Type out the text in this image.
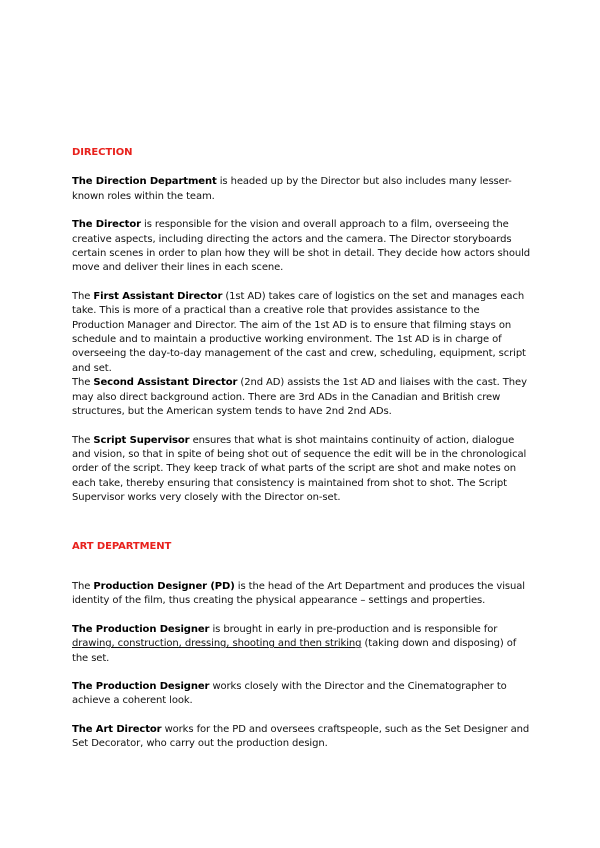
DIRECTION

The Direction Department is headed up by the Director but also includes many lesser-known roles within the team.

The Director is responsible for the vision and overall approach to a film, overseeing the creative aspects, including directing the actors and the camera. The Director storyboards certain scenes in order to plan how they will be shot in detail. They decide how actors should move and deliver their lines in each scene.

The First Assistant Director (1st AD) takes care of logistics on the set and manages each take. This is more of a practical than a creative role that provides assistance to the Production Manager and Director. The aim of the 1st AD is to ensure that filming stays on schedule and to maintain a productive working environment. The 1st AD is in charge of overseeing the day-to-day management of the cast and crew, scheduling, equipment, script and set.

The Second Assistant Director (2nd AD) assists the 1st AD and liaises with the cast. They may also direct background action. There are 3rd ADs in the Canadian and British crew structures, but the American system tends to have 2nd 2nd ADs.

The Script Supervisor ensures that what is shot maintains continuity of action, dialogue and vision, so that in spite of being shot out of sequence the edit will be in the chronological order of the script. They keep track of what parts of the script are shot and make notes on each take, thereby ensuring that consistency is maintained from shot to shot. The Script Supervisor works very closely with the Director on-set.

ART DEPARTMENT

The Production Designer (PD) is the head of the Art Department and produces the visual identity of the film, thus creating the physical appearance – settings and properties.

The Production Designer is brought in early in pre-production and is responsible for drawing, construction, dressing, shooting and then striking (taking down and disposing) of the set.

The Production Designer works closely with the Director and the Cinematographer to achieve a coherent look.

The Art Director works for the PD and oversees craftspeople, such as the Set Designer and Set Decorator, who carry out the production design.
